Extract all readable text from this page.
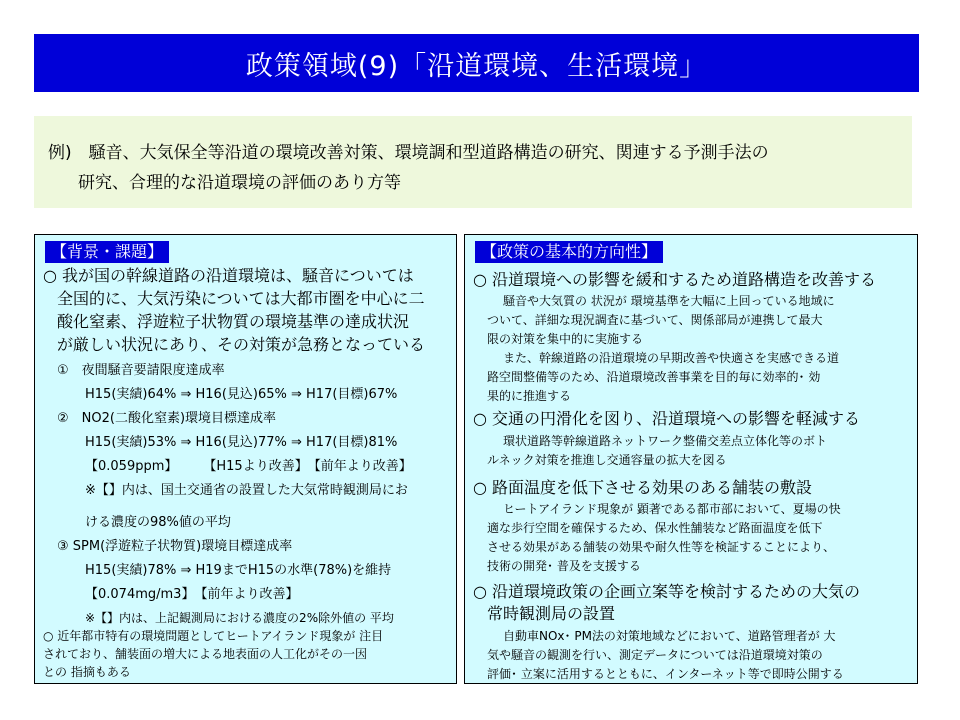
政策領域(9)「沿道環境、生活環境」
例)　騒音、大気保全等沿道の環境改善対策、環境調和型道路構造の研究、関連する予測手法の
研究、合理的な沿道環境の評価のあり方等
【背景・課題】
○ 我が国の幹線道路の沿道環境は、騒音については
全国的に、大気汚染については大都市圏を中心に二
酸化窒素、浮遊粒子状物質の環境基準の達成状況
が厳しい状況にあり、その対策が急務となっている
①　夜間騒音要請限度達成率
H15(実績)64% ⇒ H16(見込)65% ⇒ H17(目標)67%
②　NO2(二酸化窒素)環境目標達成率
H15(実績)53% ⇒ H16(見込)77% ⇒ H17(目標)81%
【0.059ppm】　　　【H15より改善】　【前年より改善】
※【】内は、国土交通省の設置した大気常時観測局にお
ける濃度の98%値の平均
③ SPM(浮遊粒子状物質)環境目標達成率
H15(実績)78% ⇒ H19までH15の水準(78%)を維持
【0.074mg/m3】　【前年より改善】
※【】内は、上記観測局における濃度の2%除外値の 平均
○ 近年都市特有の環境問題としてヒートアイランド現象が 注目
されており、舗装面の増大による地表面の人工化がその一因
との 指摘もある
【政策の基本的方向性】
○ 沿道環境への影響を緩和するため道路構造を改善する
騒音や大気質の 状況が 環境基準を大幅に上回っている地域に
ついて、詳細な現況調査に基づいて、関係部局が連携して最大
限の対策を集中的に実施する
また、幹線道路の沿道環境の早期改善や快適さを実感できる道
路空間整備等のため、沿道環境改善事業を目的毎に効率的･ 効
果的に推進する
○ 交通の円滑化を図り、沿道環境への影響を軽減する
環状道路等幹線道路ネットワーク整備交差点立体化等のボト
ルネック対策を推進し交通容量の拡大を図る
○ 路面温度を低下させる効果のある舗装の敷設
ヒートアイランド現象が 顕著である都市部において、夏場の快
適な歩行空間を確保するため、保水性舗装など路面温度を低下
させる効果がある舗装の効果や耐久性等を検証することにより、
技術の開発･ 普及を支援する
○ 沿道環境政策の企画立案等を検討するための大気の
常時観測局の設置
自動車NOx･ PM法の対策地域などにおいて、道路管理者が 大
気や騒音の観測を行い、測定データについては沿道環境対策の
評価･ 立案に活用するとともに、インターネット等で即時公開する
